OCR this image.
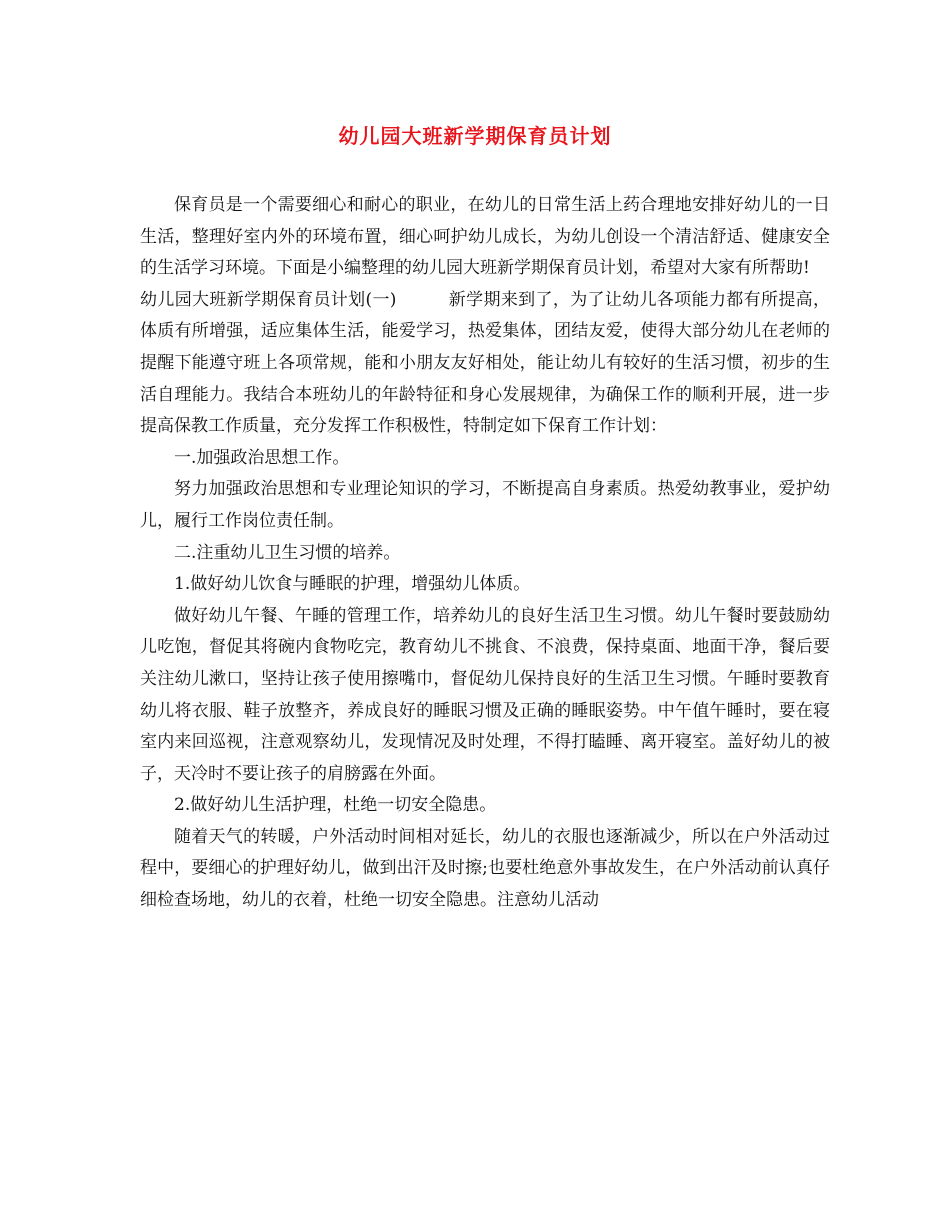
幼儿园大班新学期保育员计划

保育员是一个需要细心和耐心的职业，在幼儿的日常生活上药合理地安排好幼儿的一日生活，整理好室内外的环境布置，细心呵护幼儿成长，为幼儿创设一个清洁舒适、健康安全的生活学习环境。下面是小编整理的幼儿园大班新学期保育员计划，希望对大家有所帮助!

幼儿园大班新学期保育员计划(一)	新学期来到了，为了让幼儿各项能力都有所提高，体质有所增强，适应集体生活，能爱学习，热爱集体，团结友爱，使得大部分幼儿在老师的提醒下能遵守班上各项常规，能和小朋友友好相处，能让幼儿有较好的生活习惯，初步的生活自理能力。我结合本班幼儿的年龄特征和身心发展规律，为确保工作的顺利开展，进一步提高保教工作质量，充分发挥工作积极性，特制定如下保育工作计划：

一.加强政治思想工作。

努力加强政治思想和专业理论知识的学习，不断提高自身素质。热爱幼教事业，爱护幼儿，履行工作岗位责任制。

二.注重幼儿卫生习惯的培养。

1.做好幼儿饮食与睡眠的护理，增强幼儿体质。

做好幼儿午餐、午睡的管理工作，培养幼儿的良好生活卫生习惯。幼儿午餐时要鼓励幼儿吃饱，督促其将碗内食物吃完，教育幼儿不挑食、不浪费，保持桌面、地面干净，餐后要关注幼儿漱口，坚持让孩子使用擦嘴巾，督促幼儿保持良好的生活卫生习惯。午睡时要教育幼儿将衣服、鞋子放整齐，养成良好的睡眠习惯及正确的睡眠姿势。中午值午睡时，要在寝室内来回巡视，注意观察幼儿，发现情况及时处理，不得打瞌睡、离开寝室。盖好幼儿的被子，天冷时不要让孩子的肩膀露在外面。

2.做好幼儿生活护理，杜绝一切安全隐患。

随着天气的转暖，户外活动时间相对延长，幼儿的衣服也逐渐减少，所以在户外活动过程中，要细心的护理好幼儿，做到出汗及时擦;也要杜绝意外事故发生，在户外活动前认真仔细检查场地，幼儿的衣着，杜绝一切安全隐患。注意幼儿活动
